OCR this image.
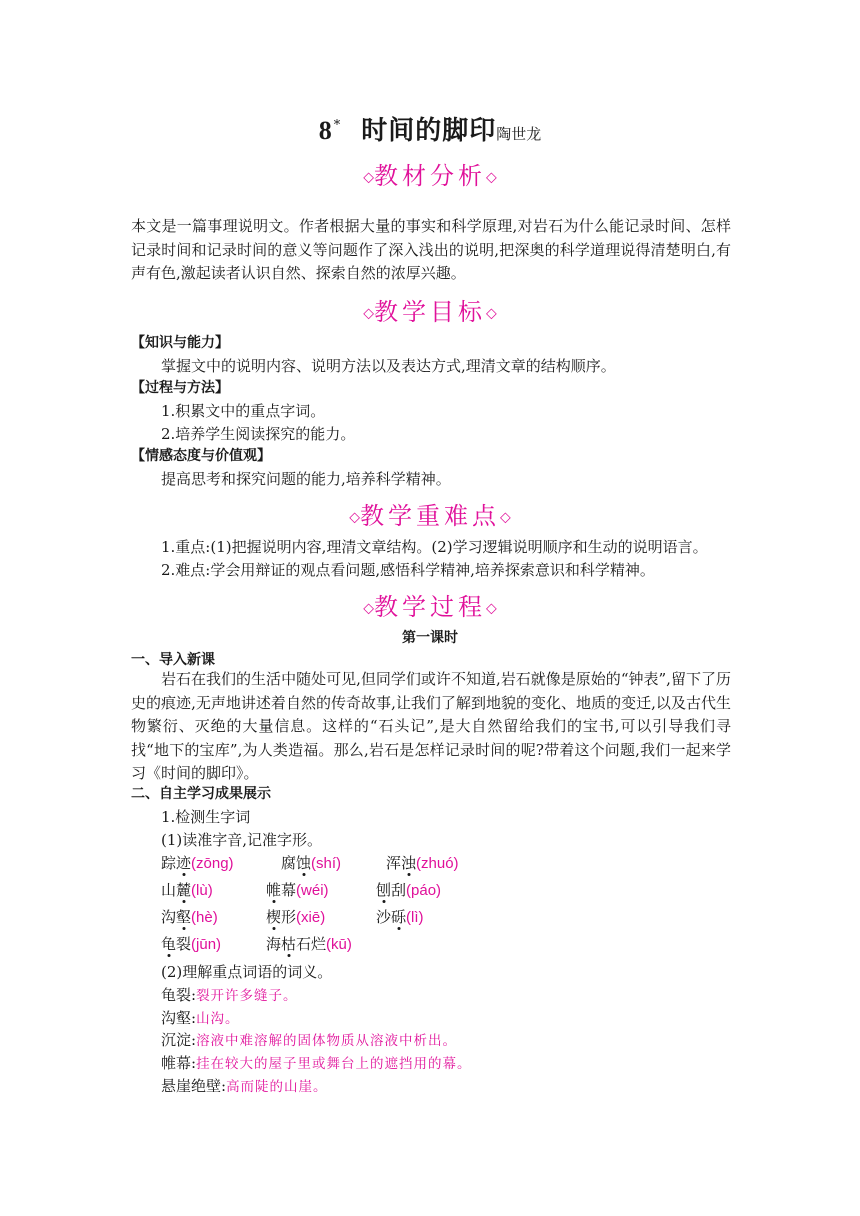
8* 时间的脚印陶世龙
◇教材分析◇
本文是一篇事理说明文。作者根据大量的事实和科学原理,对岩石为什么能记录时间、怎样记录时间和记录时间的意义等问题作了深入浅出的说明,把深奥的科学道理说得清楚明白,有声有色,激起读者认识自然、探索自然的浓厚兴趣。
◇教学目标◇
【知识与能力】
掌握文中的说明内容、说明方法以及表达方式,理清文章的结构顺序。
【过程与方法】
1.积累文中的重点字词。
2.培养学生阅读探究的能力。
【情感态度与价值观】
提高思考和探究问题的能力,培养科学精神。
◇教学重难点◇
1.重点:(1)把握说明内容,理清文章结构。(2)学习逻辑说明顺序和生动的说明语言。
2.难点:学会用辩证的观点看问题,感悟科学精神,培养探索意识和科学精神。
◇教学过程◇
第一课时
一、导入新课
岩石在我们的生活中随处可见,但同学们或许不知道,岩石就像是原始的“钟表”,留下了历史的痕迹,无声地讲述着自然的传奇故事,让我们了解到地貌的变化、地质的变迁,以及古代生物繁衍、灭绝的大量信息。这样的“石头记”,是大自然留给我们的宝书,可以引导我们寻找“地下的宝库”,为人类造福。那么,岩石是怎样记录时间的呢?带着这个问题,我们一起来学习《时间的脚印》。
二、自主学习成果展示
1.检测生字词
(1)读准字音,记准字形。
踪迹(zōng)	腐蚀(shí)	浑浊(zhuó)
山麓(lù)	帷幕(wéi)	刨刮(páo)
沟壑(hè)	楔形(xiē)	沙砾(lì)
龟裂(jūn)	海枯石烂(kū)
(2)理解重点词语的词义。
龟裂:裂开许多缝子。
沟壑:山沟。
沉淀:溶液中难溶解的固体物质从溶液中析出。
帷幕:挂在较大的屋子里或舞台上的遮挡用的幕。
悬崖绝壁:高而陡的山崖。
